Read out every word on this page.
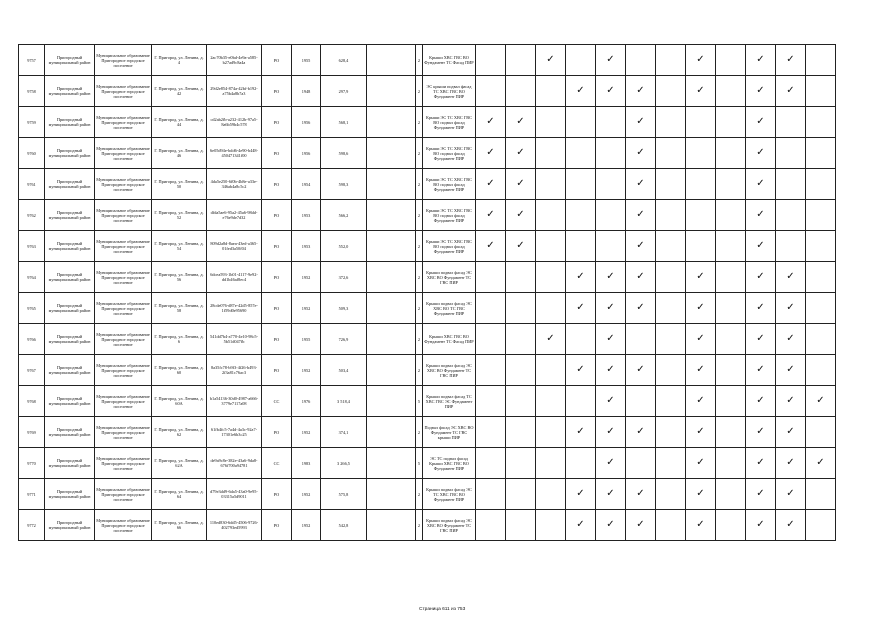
9757	Пригородный муниципальный район	Муниципальное образование Пригородное городское поселение	Г. Пригород, ул. Ленина, д. 4	2ac70b35-e0bd-4e9a-a585-b27ad9c8a4a	РО	1955	628,4		2	Крыши ХВС ГВС ВО Фундамент ТС Фасад ПИР			✓		✓			✓		✓	✓	
9758	Пригородный муниципальный район	Муниципальное образование Пригородное городское поселение	Г. Пригород, ул. Ленина, д. 42	29d2e854-874a-42bf-b192-a75b4a8b7a3	РО	1948	297,9		2	ЭС крыши подвал фасад ТС ХВС ГВС ВО Фундамент ПИР				✓	✓	✓		✓		✓	✓	
9759	Пригородный муниципальный район	Муниципальное образование Пригородное городское поселение	Г. Пригород, ул. Ленина, д. 44	cd2ab2fb-a232-412b-97a5-8a6b59b4c578	РО	1956	568,1		2	Крыши ЭС ТС ХВС ГВС ВО подвал фасад Фундамент ПИР	✓	✓				✓				✓		
9760	Пригородный муниципальный район	Муниципальное образование Пригородное городское поселение	Г. Пригород, ул. Ленина, д. 46	6e05d94e-bdd6-4e90-b448-450471341f00	РО	1956	598,6		2	Крыши ЭС ТС ХВС ГВС ВО подвал фасад Фундамент ПИР	✓	✓				✓				✓		
9761	Пригородный муниципальный район	Муниципальное образование Пригородное городское поселение	Г. Пригород, ул. Ленина, д. 50	4da5e250-6f0b-4b8e-a33e-346ab4a8c5c2	РО	1954	598,3		2	Крыши ЭС ТС ХВС ГВС ВО подвал фасад Фундамент ПИР	✓	✓				✓				✓		
9762	Пригородный муниципальный район	Муниципальное образование Пригородное городское поселение	Г. Пригород, ул. Ленина, д. 52	dfda5ae6-95a2-45a6-98dd-e76e9de7d32	РО	1953	566,2		2	Крыши ЭС ТС ХВС ГВС ВО подвал фасад Фундамент ПИР	✓	✓				✓				✓		
9763	Пригородный муниципальный район	Муниципальное образование Пригородное городское поселение	Г. Пригород, ул. Ленина, д. 54	809d2a8d-8aea-43ed-a365-01fed3a50f04	РО	1953	552,0		2	Крыши ЭС ТС ХВС ГВС ВО подвал фасад Фундамент ПИР	✓	✓				✓				✓		
9764	Пригородный муниципальный район	Муниципальное образование Пригородное городское поселение	Г. Пригород, ул. Ленина, д. 56	6dcea593-1b01-4117-9e92-dd1b46af8ec4	РО	1952	372,6		2	Крыши подвал фасад ЭС ХВС ВО Фундамент ТС ГВС ПИР				✓	✓	✓		✓		✓	✓	
9765	Пригородный муниципальный район	Муниципальное образование Пригородное городское поселение	Г. Пригород, ул. Ленина, д. 58	28cde076-d87e-42d5-857e-1f59d0e95690	РО	1952	509,3		2	Крыши подвал фасад ЭС ХВС ВО ТС ГВС Фундамент ПИР				✓	✓	✓		✓		✓	✓	
9766	Пригородный муниципальный район	Муниципальное образование Пригородное городское поселение	Г. Пригород, ул. Ленина, д. 6	541dd7b4-a770-4e10-98c5-5b51d047fb	РО	1955	726,9		2	Крыши ХВС ГВС ВО Фундамент ТС Фасад ПИР			✓		✓			✓		✓	✓	
9767	Пригородный муниципальный район	Муниципальное образование Пригородное городское поселение	Г. Пригород, ул. Ленина, д. 60	8a35fc78-b9f3-4f26-b493-2f3a81c76ac3	РО	1952	503,4		2	Крыши подвал фасад ЭС ХВС ВО Фундамент ТС ГВС ПИР				✓	✓	✓		✓		✓	✓	
9768	Пригородный муниципальный район	Муниципальное образование Пригородное городское поселение	Г. Пригород, ул. Ленина, д. 60А	b1a54136-30d0-4987-a666-3779e7117a08	СС	1976	3 518,4		5	Крыши подвал фасад ТС ХВС ГВС ЭС Фундамент ПИР					✓			✓		✓	✓	✓
9769	Пригородный муниципальный район	Муниципальное образование Пригородное городское поселение	Г. Пригород, ул. Ленина, д. 62	61fb4fc5-7a4d-4a3c-92a7-17301e6b3c25	РО	1952	374,1		2	Подвал фасад ЭС ХВС ВО Фундамент ТС ГВС крыши ПИР				✓	✓	✓		✓		✓	✓	
9770	Пригородный муниципальный район	Муниципальное образование Пригородное городское поселение	Г. Пригород, ул. Ленина, д. 62А	de9a9c8e-382e-43a6-9da8-676f700a94781	СС	1983	3 266,5		5	ЭС ТС подвал фасад Крыши ХВС ГВС ВО Фундамент ПИР					✓			✓		✓	✓	✓
9771	Пригородный муниципальный район	Муниципальное образование Пригородное городское поселение	Г. Пригород, ул. Ленина, д. 64	d79e3dd9-6da5-43a0-9e95-03315a5d9011	РО	1952	575,8		2	Крыши подвал фасад ЭС ТС ХВС ГВС ВО Фундамент ПИР				✓	✓	✓		✓		✓	✓	
9772	Пригородный муниципальный район	Муниципальное образование Пригородное городское поселение	Г. Пригород, ул. Ленина, д. 66	110ed830-6dd5-4506-9726-402793ed5993	РО	1952	542,8		2	Крыши подвал фасад ЭС ХВС ВО Фундамент ТС ГВС ПИР				✓	✓	✓		✓		✓	✓	
Страница 611 из 753
